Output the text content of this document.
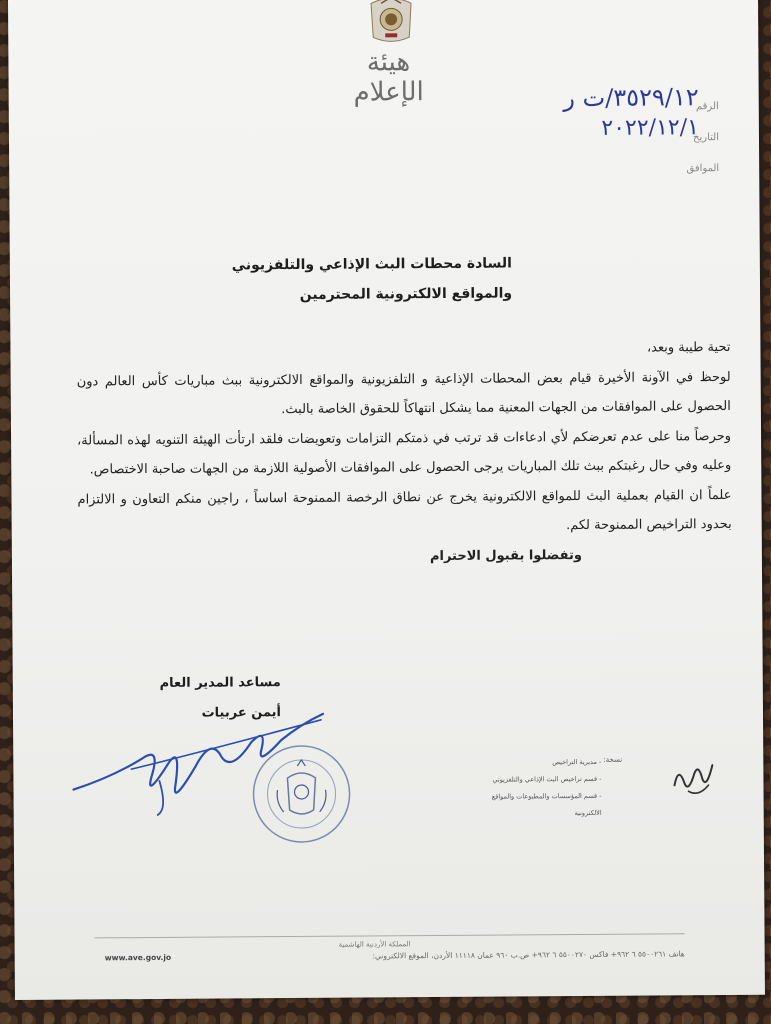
هيئة الإعلام	الرقم
التاريخ
الموافق
٣٥٢٩/١٢/ت ر
٢٠٢٢/١٢/١
السادة محطات البث الإذاعي والتلفزيوني
والمواقع الالكترونية المحترمين

تحية طيبة وبعد،

لوحظ في الآونة الأخيرة قيام بعض المحطات الإذاعية و التلفزيونية والمواقع الالكترونية ببث مباريات كأس العالم دون الحصول على الموافقات من الجهات المعنية مما يشكل انتهاكاً للحقوق الخاصة بالبث.

وحرصاً منا على عدم تعرضكم لأي ادعاءات قد ترتب في ذمتكم التزامات وتعويضات فلقد ارتأت الهيئة التنويه لهذه المسألة، وعليه وفي حال رغبتكم ببث تلك المباريات يرجى الحصول على الموافقات الأصولية اللازمة من الجهات صاحبة الاختصاص.

علماً ان القيام بعملية البث للمواقع الالكترونية يخرج عن نطاق الرخصة الممنوحة اساساً ، راجين منكم التعاون و الالتزام بحدود التراخيص الممنوحة لكم.

وتفضلوا بقبول الاحترام

مساعد المدير العام
أيمن عربيات
نسخة:
- مديرية التراخيص
- قسم تراخيص البث الإذاعي والتلفزيوني
- قسم المؤسسات والمطبوعات والمواقع الالكترونية
المملكة الأردنية الهاشمية
www.ave.gov.jo	هاتف ٥٥٠٠٢٦١ ٦ ٩٦٢+ فاكس ٥٥٠٠٢٧٠ ٦ ٩٦٢+ ص.ب ٩٦٠ عمان ١١١١٨ الأردن، الموقع الالكتروني:
